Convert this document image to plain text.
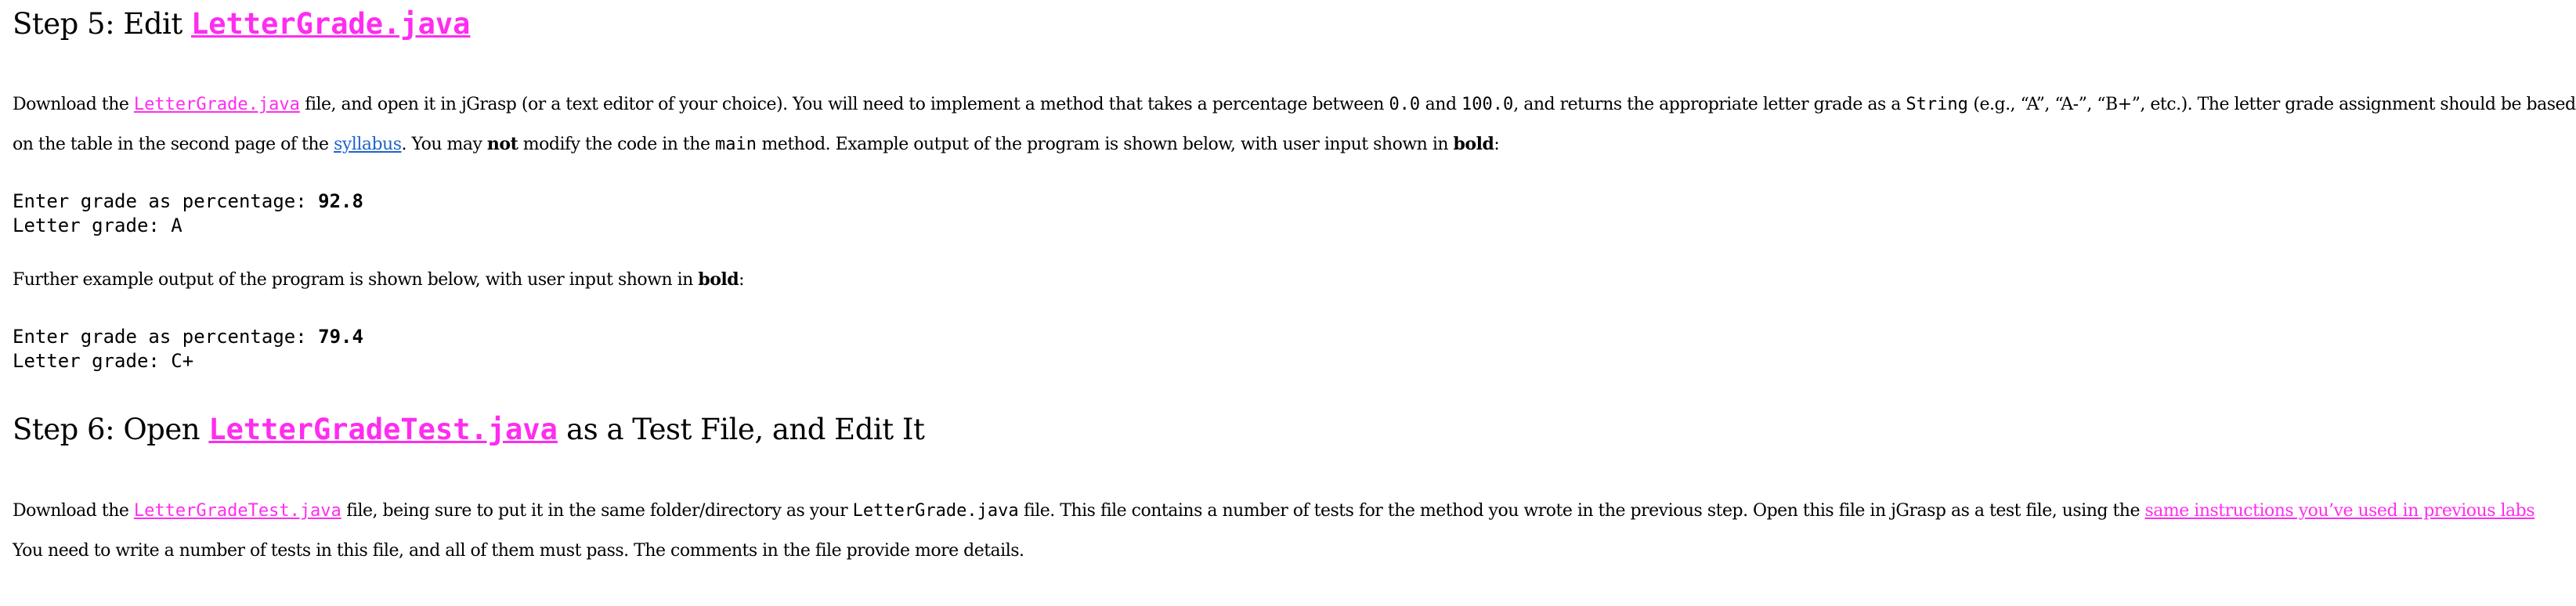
Step 5: Edit LetterGrade.java
Download the LetterGrade.java file, and open it in jGrasp (or a text editor of your choice). You will need to implement a method that takes a percentage between 0.0 and 100.0, and returns the appropriate letter grade as a String (e.g., “A”, “A-”, “B+”, etc.). The letter grade assignment should be based
on the table in the second page of the syllabus. You may not modify the code in the main method. Example output of the program is shown below, with user input shown in bold:
Enter grade as percentage: 92.8
Letter grade: A
Further example output of the program is shown below, with user input shown in bold:
Enter grade as percentage: 79.4
Letter grade: C+
Step 6: Open LetterGradeTest.java as a Test File, and Edit It
Download the LetterGradeTest.java file, being sure to put it in the same folder/directory as your LetterGrade.java file. This file contains a number of tests for the method you wrote in the previous step. Open this file in jGrasp as a test file, using the same instructions you’ve used in previous labs
You need to write a number of tests in this file, and all of them must pass. The comments in the file provide more details.
